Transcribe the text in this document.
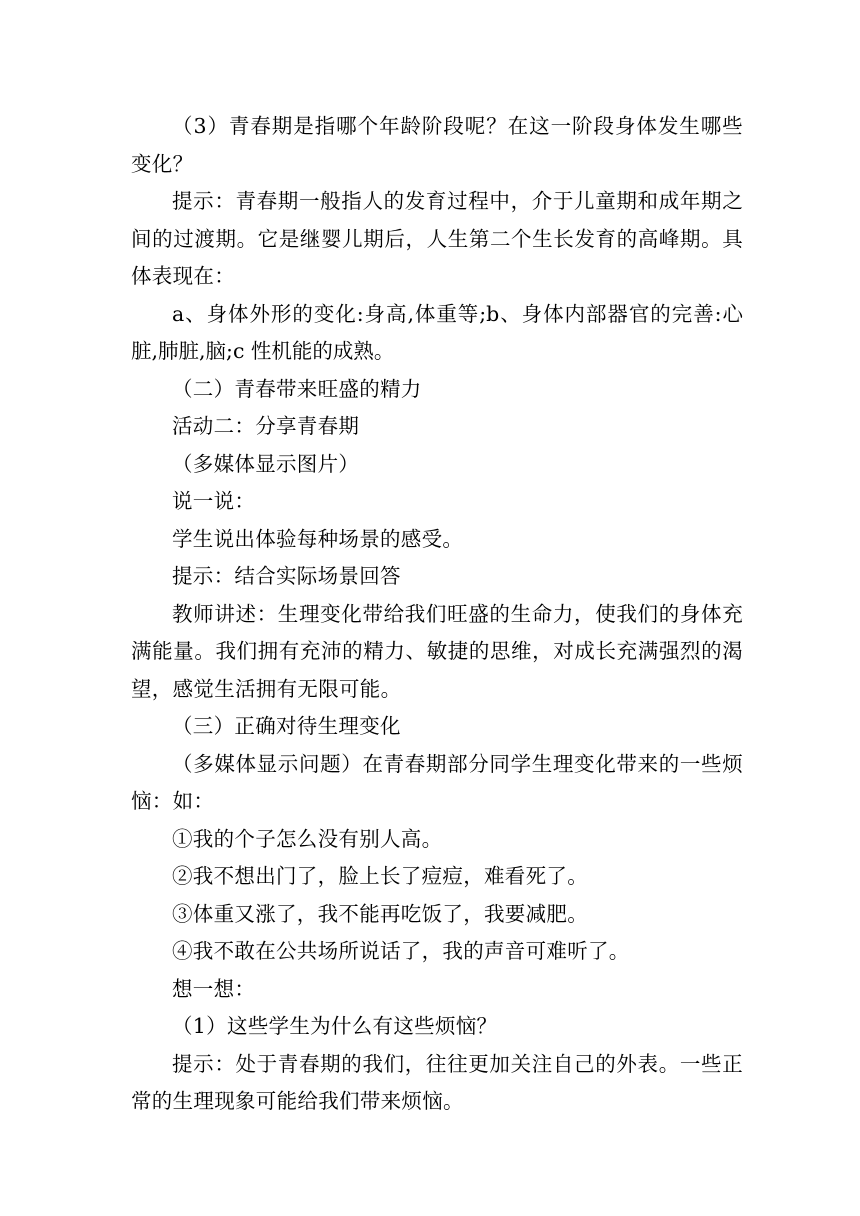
（3）青春期是指哪个年龄阶段呢？在这一阶段身体发生哪些变化？

提示：青春期一般指人的发育过程中，介于儿童期和成年期之间的过渡期。它是继婴儿期后，人生第二个生长发育的高峰期。具体表现在：

a、身体外形的变化:身高,体重等;b、身体内部器官的完善:心脏,肺脏,脑;c 性机能的成熟。

（二）青春带来旺盛的精力

活动二：分享青春期

（多媒体显示图片）

说一说：

学生说出体验每种场景的感受。

提示：结合实际场景回答

教师讲述：生理变化带给我们旺盛的生命力，使我们的身体充满能量。我们拥有充沛的精力、敏捷的思维，对成长充满强烈的渴望，感觉生活拥有无限可能。

（三）正确对待生理变化

（多媒体显示问题）在青春期部分同学生理变化带来的一些烦恼：如：

①我的个子怎么没有别人高。

②我不想出门了，脸上长了痘痘，难看死了。

③体重又涨了，我不能再吃饭了，我要减肥。

④我不敢在公共场所说话了，我的声音可难听了。

想一想：

（1）这些学生为什么有这些烦恼？

提示：处于青春期的我们，往往更加关注自己的外表。一些正常的生理现象可能给我们带来烦恼。
